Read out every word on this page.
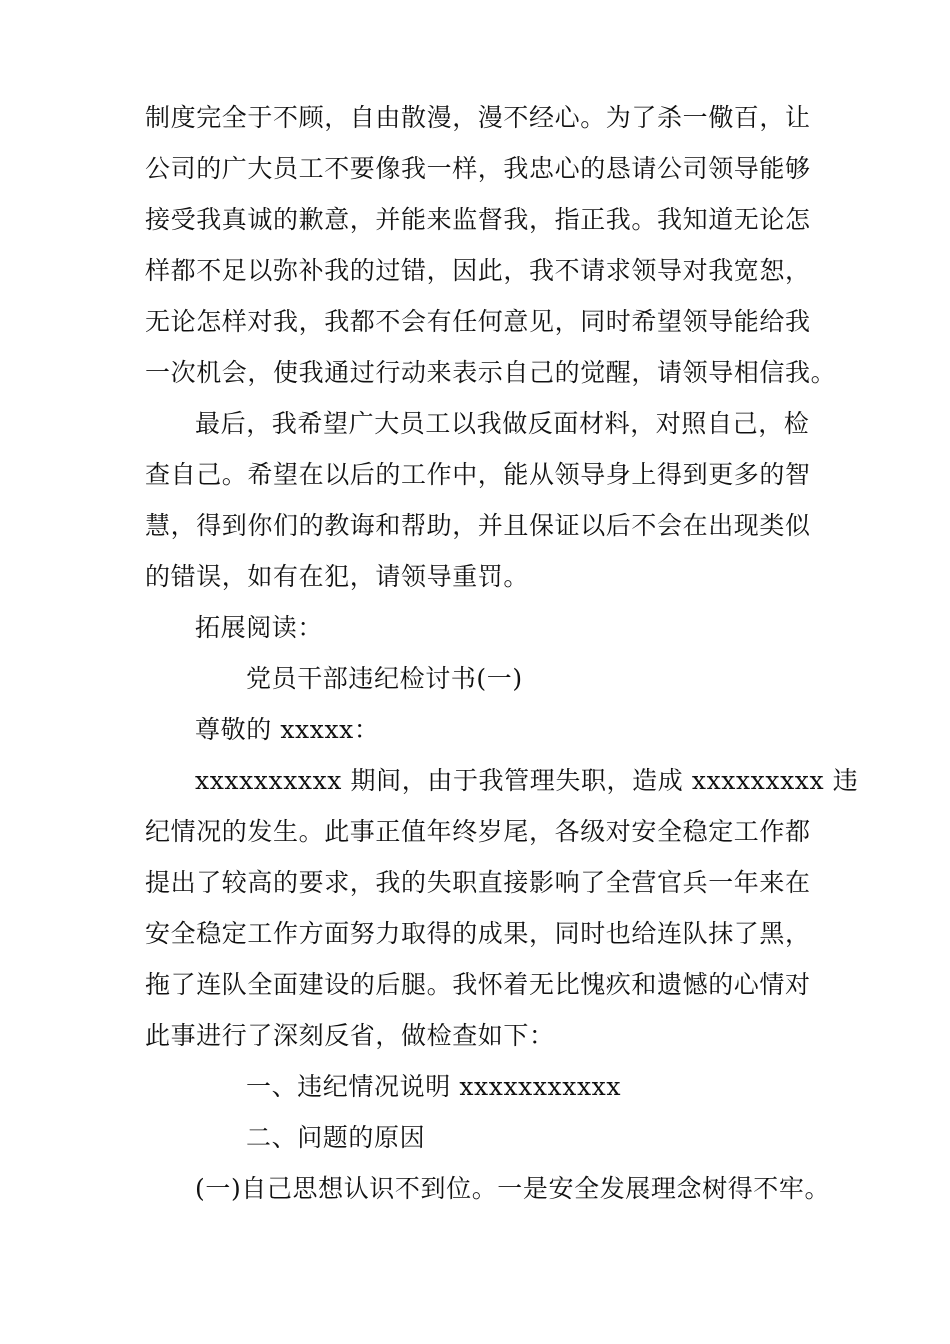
制度完全于不顾，自由散漫，漫不经心。为了杀一儆百，让
公司的广大员工不要像我一样，我忠心的恳请公司领导能够
接受我真诚的歉意，并能来监督我，指正我。我知道无论怎
样都不足以弥补我的过错，因此，我不请求领导对我宽恕，
无论怎样对我，我都不会有任何意见，同时希望领导能给我
一次机会，使我通过行动来表示自己的觉醒，请领导相信我。
最后，我希望广大员工以我做反面材料，对照自己，检
查自己。希望在以后的工作中，能从领导身上得到更多的智
慧，得到你们的教诲和帮助，并且保证以后不会在出现类似
的错误，如有在犯，请领导重罚。
拓展阅读：
党员干部违纪检讨书(一)
尊敬的 xxxxx：
xxxxxxxxxx 期间，由于我管理失职，造成 xxxxxxxxx 违
纪情况的发生。此事正值年终岁尾，各级对安全稳定工作都
提出了较高的要求，我的失职直接影响了全营官兵一年来在
安全稳定工作方面努力取得的成果，同时也给连队抹了黑，
拖了连队全面建设的后腿。我怀着无比愧疚和遗憾的心情对
此事进行了深刻反省，做检查如下：
一、违纪情况说明 xxxxxxxxxxx
二、问题的原因
(一)自己思想认识不到位。一是安全发展理念树得不牢。
